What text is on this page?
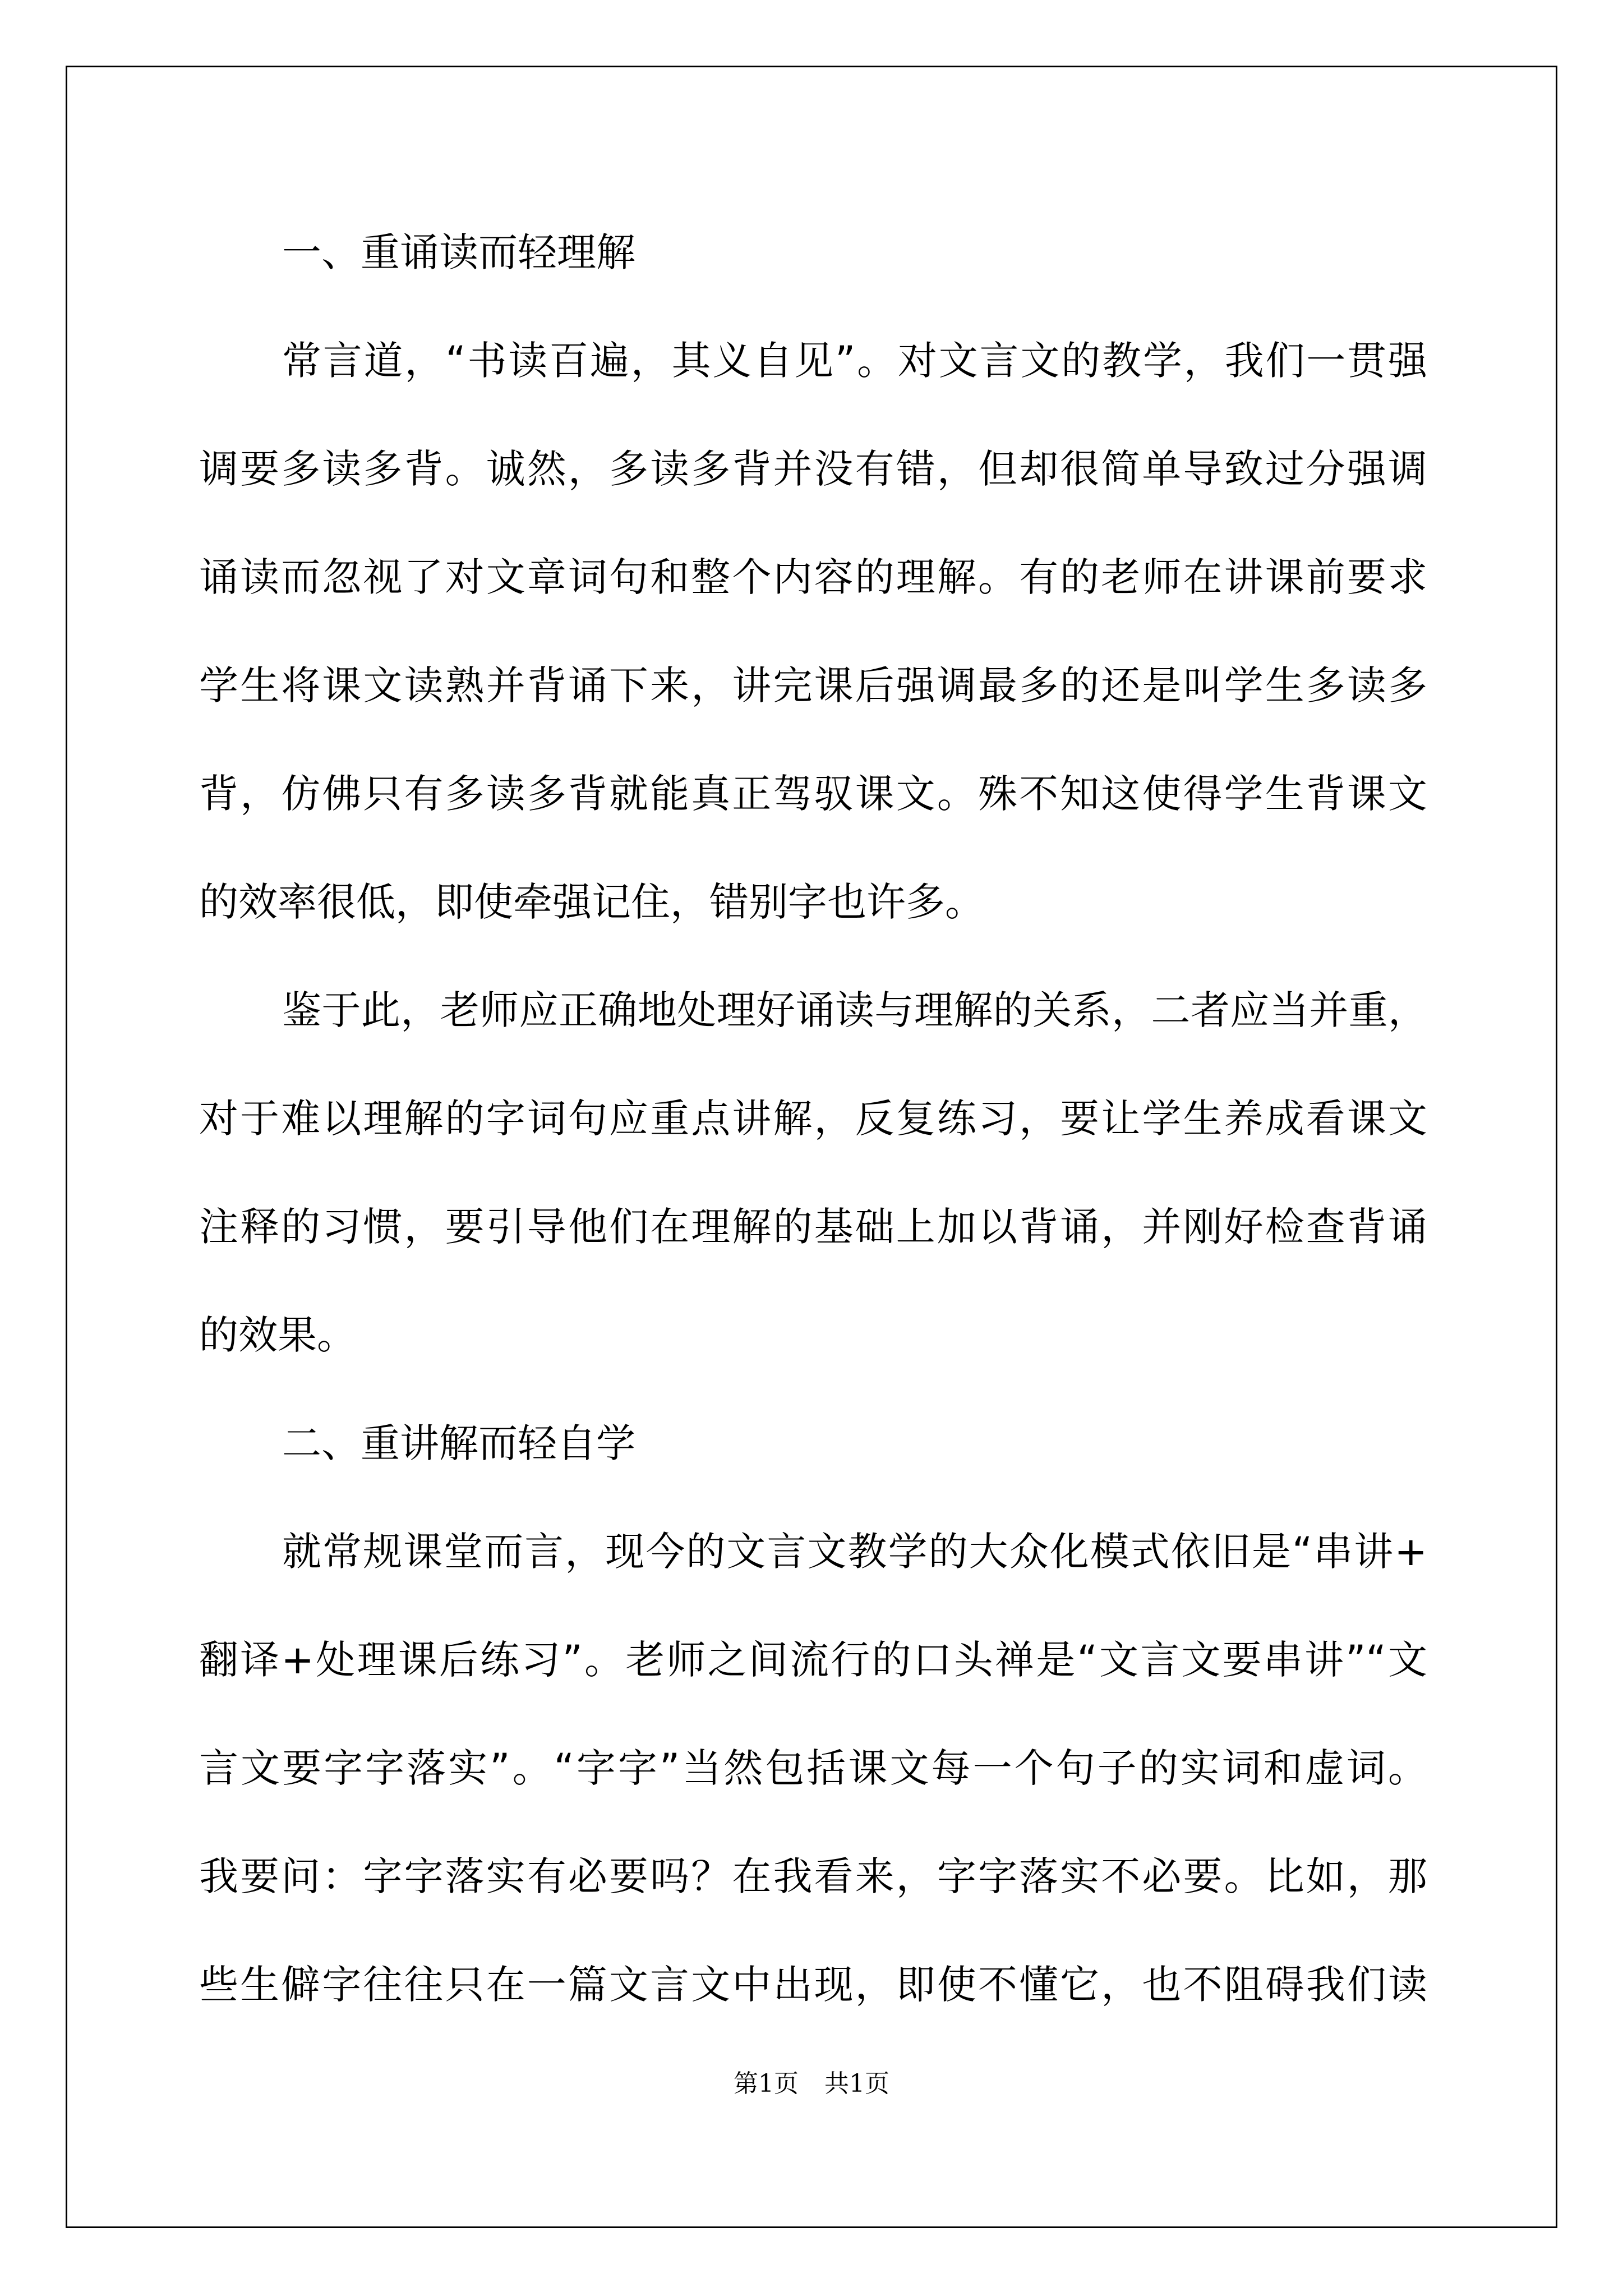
一、重诵读而轻理解
常言道，“书读百遍，其义自见”。对文言文的教学，我们一贯强
调要多读多背。诚然，多读多背并没有错，但却很简单导致过分强调
诵读而忽视了对文章词句和整个内容的理解。有的老师在讲课前要求
学生将课文读熟并背诵下来，讲完课后强调最多的还是叫学生多读多
背，仿佛只有多读多背就能真正驾驭课文。殊不知这使得学生背课文
的效率很低，即使牵强记住，错别字也许多。
鉴于此，老师应正确地处理好诵读与理解的关系，二者应当并重，
对于难以理解的字词句应重点讲解，反复练习，要让学生养成看课文
注释的习惯，要引导他们在理解的基础上加以背诵，并刚好检查背诵
的效果。
二、重讲解而轻自学
就常规课堂而言，现今的文言文教学的大众化模式依旧是“串讲+
翻译+处理课后练习”。老师之间流行的口头禅是“文言文要串讲”“文
言文要字字落实”。“字字”当然包括课文每一个句子的实词和虚词。
我要问：字字落实有必要吗？在我看来，字字落实不必要。比如，那
些生僻字往往只在一篇文言文中出现，即使不懂它，也不阻碍我们读
第1页 共1页
